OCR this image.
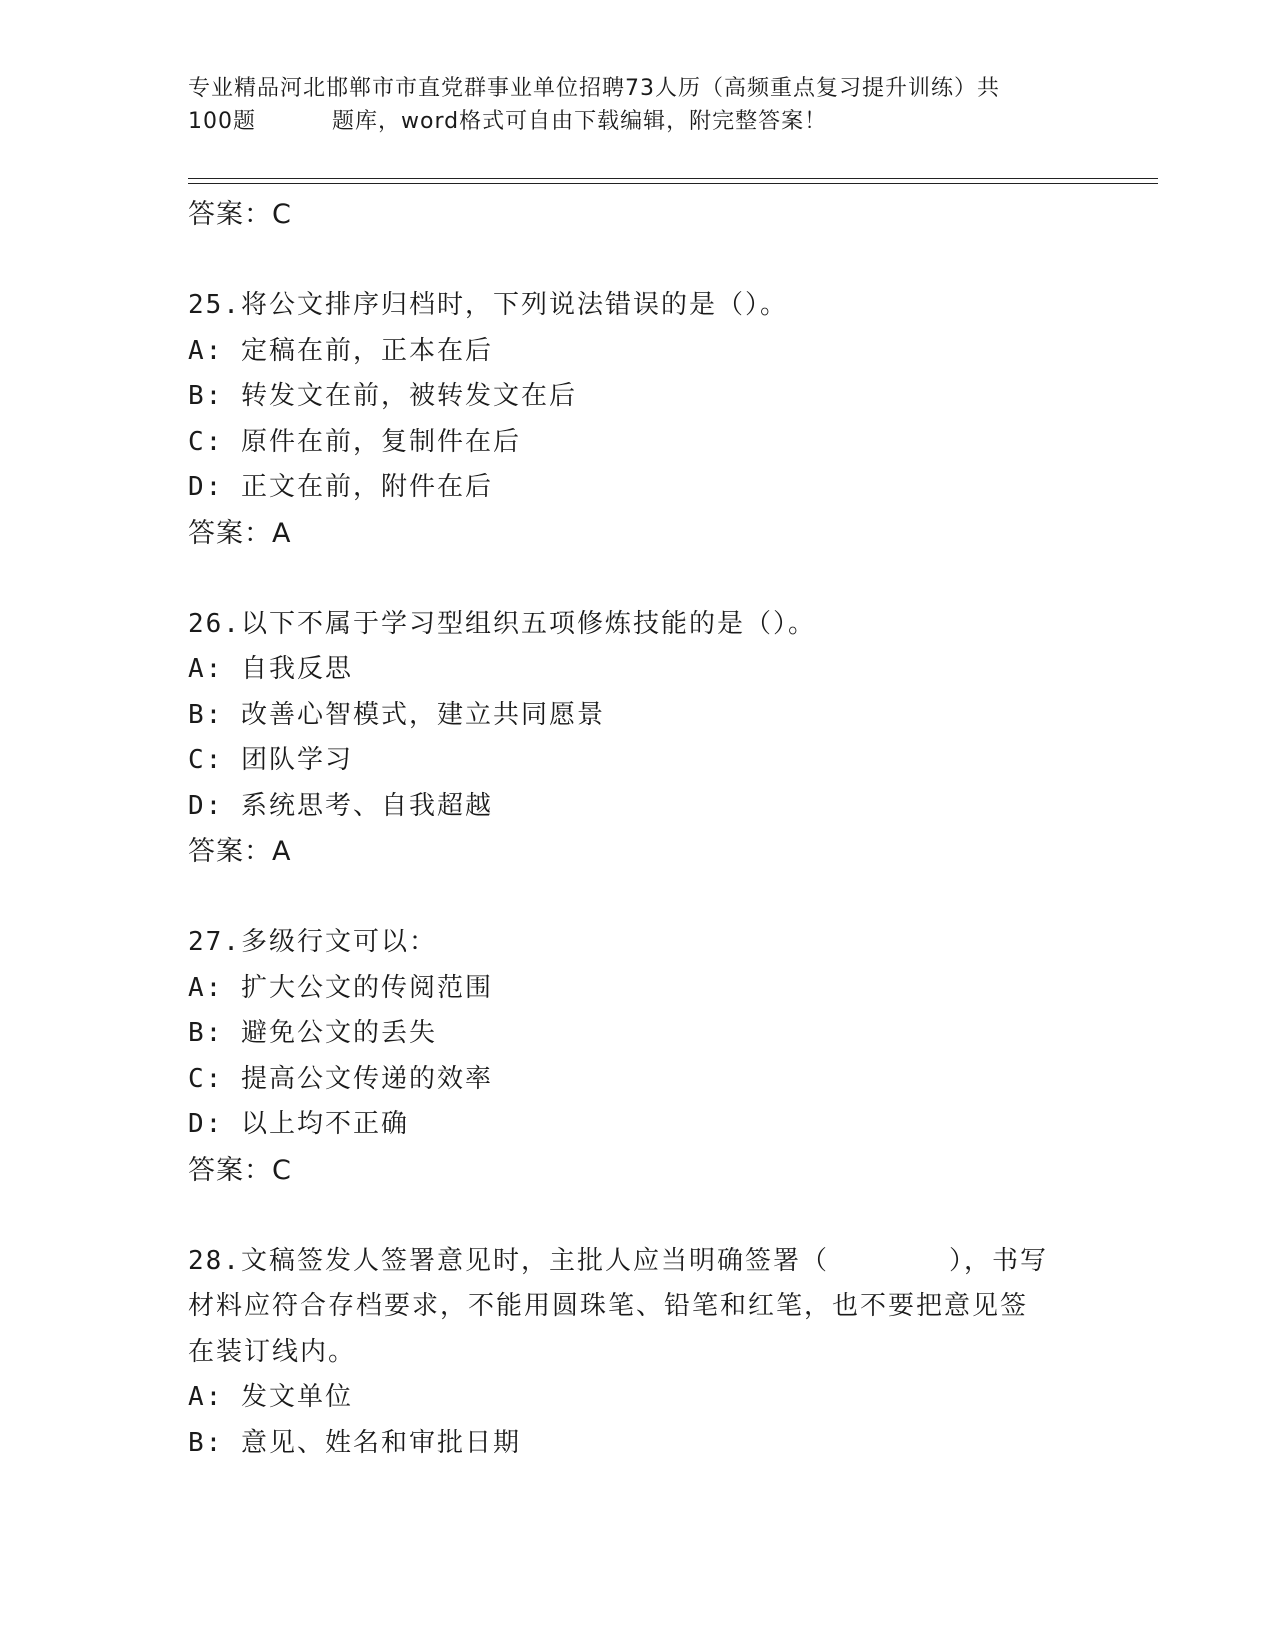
专业精品河北邯郸市市直党群事业单位招聘73人历（高频重点复习提升训练）共
100题	题库，word格式可自由下载编辑，附完整答案！
答案：C
25.将公文排序归档时，下列说法错误的是（）。
A: 定稿在前，正本在后
B: 转发文在前，被转发文在后
C: 原件在前，复制件在后
D: 正文在前，附件在后
答案：A
26.以下不属于学习型组织五项修炼技能的是（）。
A: 自我反思
B: 改善心智模式，建立共同愿景
C: 团队学习
D: 系统思考、自我超越
答案：A
27.多级行文可以：
A: 扩大公文的传阅范围
B: 避免公文的丢失
C: 提高公文传递的效率
D: 以上均不正确
答案：C
28.文稿签发人签署意见时，主批人应当明确签署（	），书写
材料应符合存档要求，不能用圆珠笔、铅笔和红笔，也不要把意见签
在装订线内。
A: 发文单位
B: 意见、姓名和审批日期
